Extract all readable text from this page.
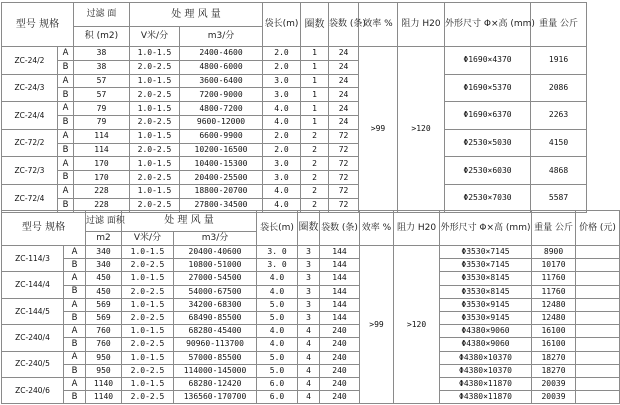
型号 规格		过滤 面	处 理 风 量		袋长(m)	圈数	袋数 (条)	效率 %	阻力 H20	外形尺寸 Φ×高 (mm)	重量 公斤
		积 (m2)	V米/分	m3/分							
ZC-24/2	A	38	1.0-1.5	2400-4600	2.0	1	24	>99	>120	Φ1690×4370	1916
	B	38	2.0-2.5	4800-6000	2.0	1	24				
ZC-24/3	A	57	1.0-1.5	3600-6400	3.0	1	24			Φ1690×5370	2086
	B	57	2.0-2.5	7200-9000	3.0	1	24				
ZC-24/4	A	79	1.0-1.5	4800-7200	4.0	1	24			Φ1690×6370	2263
	B	79	2.0-2.5	9600-12000	4.0	1	24				
ZC-72/2	A	114	1.0-1.5	6600-9900	2.0	2	72			Φ2530×5030	4150
	B	114	2.0-2.5	10200-16500	2.0	2	72				
ZC-72/3	A	170	1.0-1.5	10400-15300	3.0	2	72			Φ2530×6030	4868
	B	170	2.0-2.5	20400-25500	3.0	2	72				
ZC-72/4	A	228	1.0-1.5	18800-20700	4.0	2	72			Φ2530×7030	5587
	B	228	2.0-2.5	27800-34500	4.0	2	72				
型号 规格		过滤 面积	处 理 风 量		袋长(m)	圈数	袋数 (条)	效率 %	阻力 H20	外形尺寸 Φ×高 (mm)	重量 公斤	价格 (元)
		m2	V米/分	m3/分								
ZC-114/3	A	340	1.0-1.5	20400-40600	3. 0	3	144	>99	>120	Φ3530×7145	8900	
	B	340	2.0-2.5	10800-51000	3. 0	3	144			Φ3530×7145	10170	
ZC-144/4	A	450	1.0-1.5	27000-54500	4.0	3	144			Φ3530×8145	11760	
	B	450	2.0-2.5	54000-67500	4.0	3	144			Φ3530×8145	11760	
ZC-144/5	A	569	1.0-1.5	34200-68300	5.0	3	144			Φ3530×9145	12480	
	B	569	2.0-2.5	68490-85500	5.0	3	144			Φ3530×9145	12480	
ZC-240/4	A	760	1.0-1.5	68280-45400	4.0	4	240			Φ4380×9060	16100	
	B	760	2.0-2.5	90960-113700	4.0	4	240			Φ4380×9060	16100	
ZC-240/5	A	950	1.0-1.5	57000-85500	5.0	4	240			Φ4380×10370	18270	
	B	950	2.0-2.5	114000-145000	5.0	4	240			Φ4380×10370	18270	
ZC-240/6	A	1140	1.0-1.5	68280-12420	6.0	4	240			Φ4380×11870	20039	
	B	1140	2.0-2.5	136560-170700	6.0	4	240			Φ4380×11870	20039	
